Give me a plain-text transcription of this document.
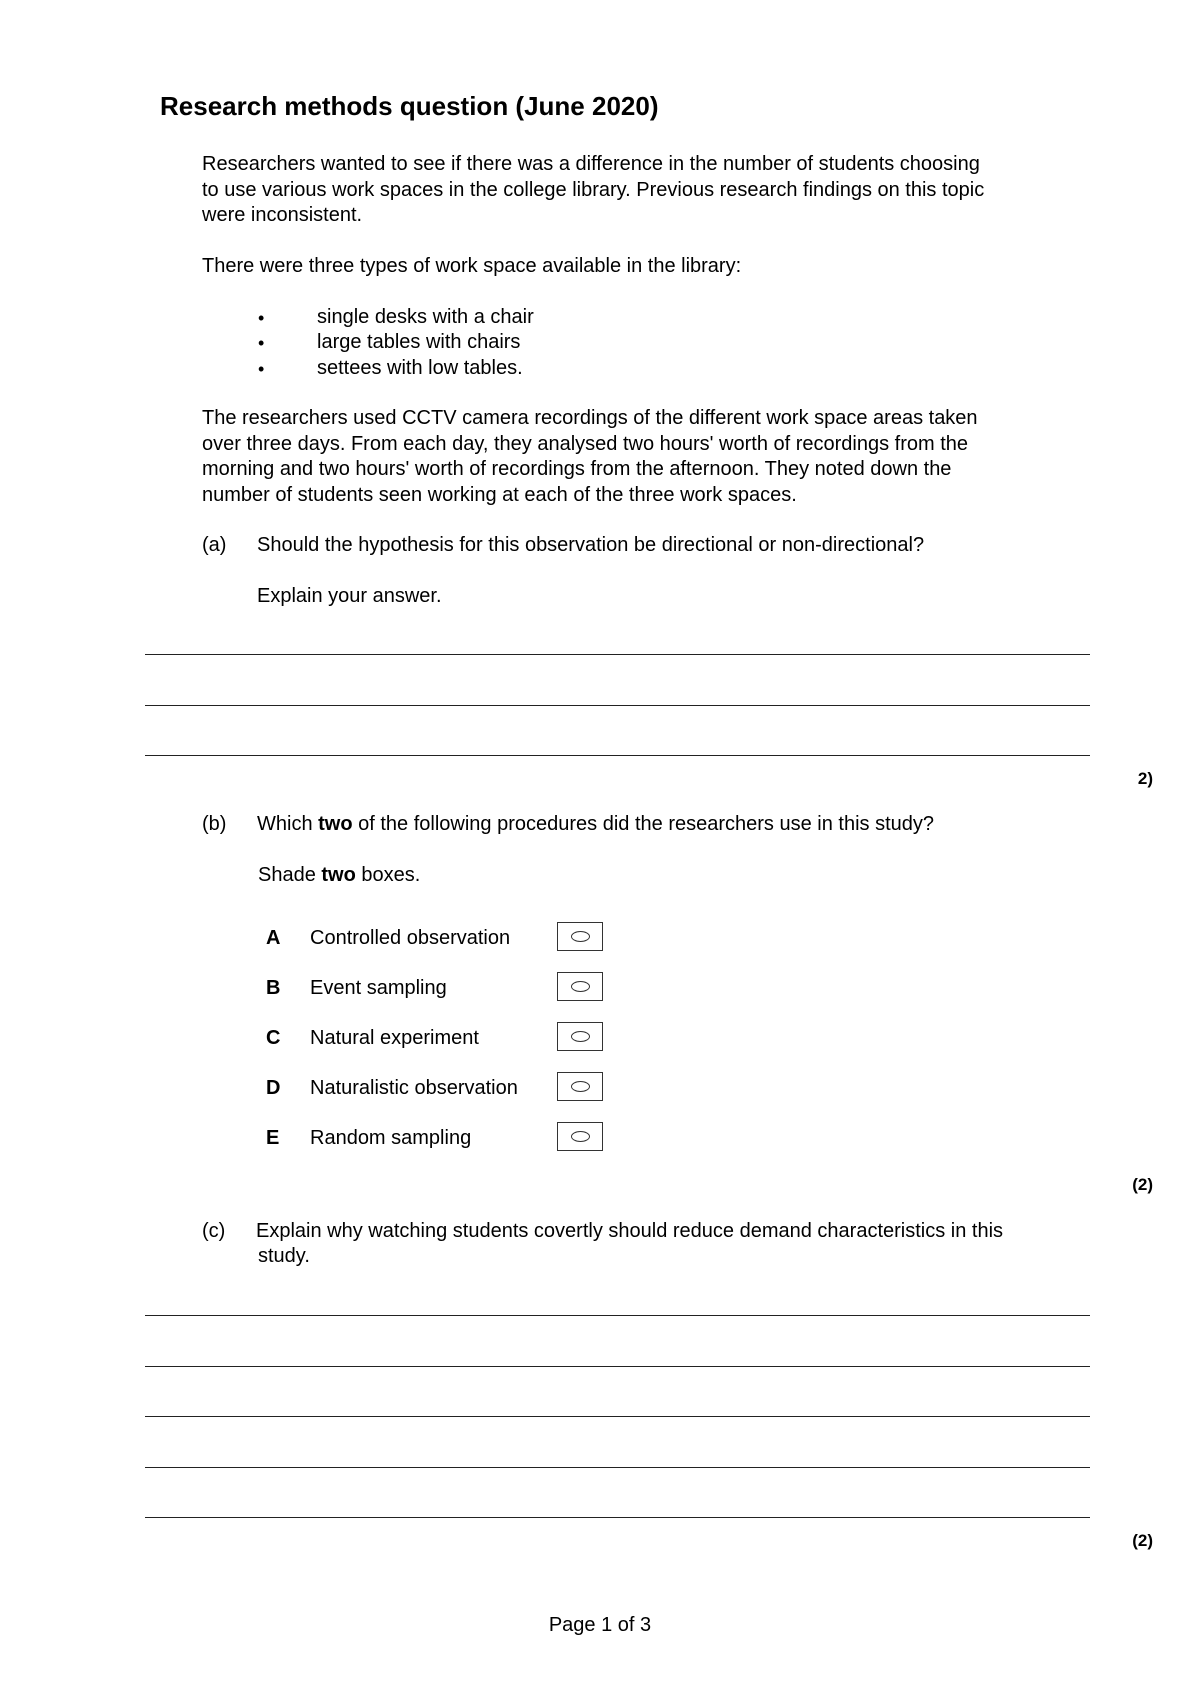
Research methods question (June 2020)
Researchers wanted to see if there was a difference in the number of students choosing
to use various work spaces in the college library. Previous research findings on this topic
were inconsistent.
There were three types of work space available in the library:
•	single desks with a chair
•	large tables with chairs
•	settees with low tables.
The researchers used CCTV camera recordings of the different work space areas taken
over three days. From each day, they analysed two hours' worth of recordings from the
morning and two hours' worth of recordings from the afternoon. They noted down the
number of students seen working at each of the three work spaces.
(a) Should the hypothesis for this observation be directional or non-directional?
Explain your answer.
2)
(b) Which two of the following procedures did the researchers use in this study?
Shade two boxes.
A Controlled observation
B Event sampling
C Natural experiment
D Naturalistic observation
E Random sampling
(2)
(c) Explain why watching students covertly should reduce demand characteristics in this
study.
(2)
Page 1 of 3
